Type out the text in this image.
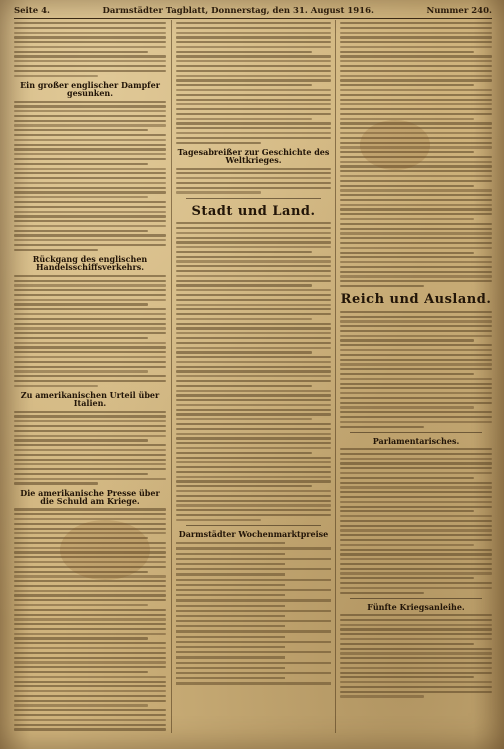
Seite 4.	Darmstädter Tagblatt, Donnerstag, den 31. August 1916.	Nummer 240.
Ein großer englischer Dampfer gesunken.
Rückgang des englischen Handelsschiffsverkehrs.
Zu amerikanischen Urteil über Italien.
Die amerikanische Presse über die Schuld am Kriege.
Tagesabreißer zur Geschichte des Weltkrieges.
Stadt und Land.
Darmstädter Wochenmarktpreise
Reich und Ausland.
Parlamentarisches.
Fünfte Kriegsanleihe.
